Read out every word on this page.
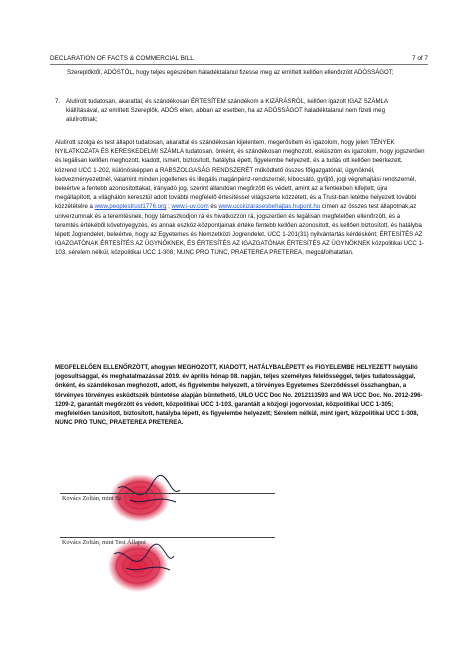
DECLARATION OF FACTS & COMMERCIAL BILL	7 of 7
Szereplőktől, ADÓSTÓL, hogy teljes egészében haladéktalanul fizesse meg az említett kellően ellenőrzött ADÓSSÁGOT;
7. Alulírott tudatosan, akarattal, és szándékosan ÉRTESÍTEM szándékom a KIZÁRÁSRÓL, kellően igazolt IGAZ SZÁMLA kiállításával, az említett Szereplők, ADÓS ellen, abban az esetben, ha az ADÓSSÁGOT haladéktalanul nem fizeti meg alulírottnak;
Alulírott szolga és test állapot tudatosan, akarattal és szándékosan kijelentem, megerősítem és igazolom, hogy jelen TÉNYEK NYILATKOZATA ÉS KERESKEDELMI SZÁMLA tudatosan, önként, és szándékosan meghozott, esküszöm és igazolom, hogy jogszerűen és legálisan kellően meghozott, kiadott, ismert, biztosított, hatályba épett, figyelembe helyezett, és a tudás ott kellően beérkezett, közrend UCC 1-202, különösképpen a RABSZOLGASÁG RENDSZERÉT működtető összes főigazgatónál, ügynöknél, kedvezményezettnél, valamint minden jogellenes és illegális magánpénz-rendszernél, kibocsátó, gyűjtő, jogi végrehajtási rendszernél, beleértve a fentebb azonosítottakat, irányadó jog, szerint állandóan megőrzött és védett, amint az a fentiekben kifejtett, újra megállapított, a világhálón keresztül adott további megfelelő értesítéssel világszerte közzétett, és a Trust-ban letétbe helyezett további közzétételre a www.peoplestrust1776.org ; www.i-uv.com és www.ucckizarasesbehajtas.hupont.hu címen az összes test állapotnak,az univerzumnak és a teremtésnek, hogy támaszkodjon rá és hivatkozzon rá, jogszerűen és legálisan megfelelően ellenőrzött, és a teremtés értékéből követnyegyzés, és annak eszköz-központjainak értéke fentebb kellően azonosított, és kellően biztosított, és hatályba lépett Jogrendelet, beleértve, hogy az Egyetemes és Nemzetközi Jogrendelet, UCC 1-201(31) nyilvántartás kérdésként; ÉRTESÍTÉS AZ IGAZGATÓNAK ÉRTESÍTÉS AZ ÜGYNÖKNEK, ÉS ÉRTESÍTÉS AZ IGAZGATÓNAK ÉRTESÍTÉS AZ ÜGYNÖKNEK közpolitikai UCC 1-103, sérelem nélkül, közpolitikai UCC 1-308; NUNC PRO TUNC, PRAETEREA PRETEREA, megcáfolhatatlan.
MEGFELELŐEN ELLENŐRZÖTT, ahogyan MEGHOZOTT, KIADOTT, HATÁLYBALÉPETT és FIGYELEMBE HELYEZETT helytálló jogosultsággal, és meghatalmazással 2019. év április hónap 08. napján, teljes személyes felelősséggel, teljes tudatossággal, önként, és szándékosan meghozott, adott, és figyelembe helyezett, a törvényes Egyetemes Szerződéssel összhangban, a törvényes törvényes esküdtszék büntetése alapján büntethető, UILO UCC Doc No. 2012113593 and WA UCC Doc. No. 2012-296-1209-2, garantált megőrzött és védett, közpolitikai UCC 1-103, garantált a közjogi jogorvoslat, közpolitikai UCC 1-305; megfelelően tanúsított, biztosított, hatályba lépett, és figyelembe helyezett; Sérelem nélkül, mint ígért, közpolitikai UCC 1-308, NUNC PRO TUNC, PRAETEREA PRETEREA.
Kovács Zoltán, mint Sz
Kovács Zoltán, mint Test Állapot
